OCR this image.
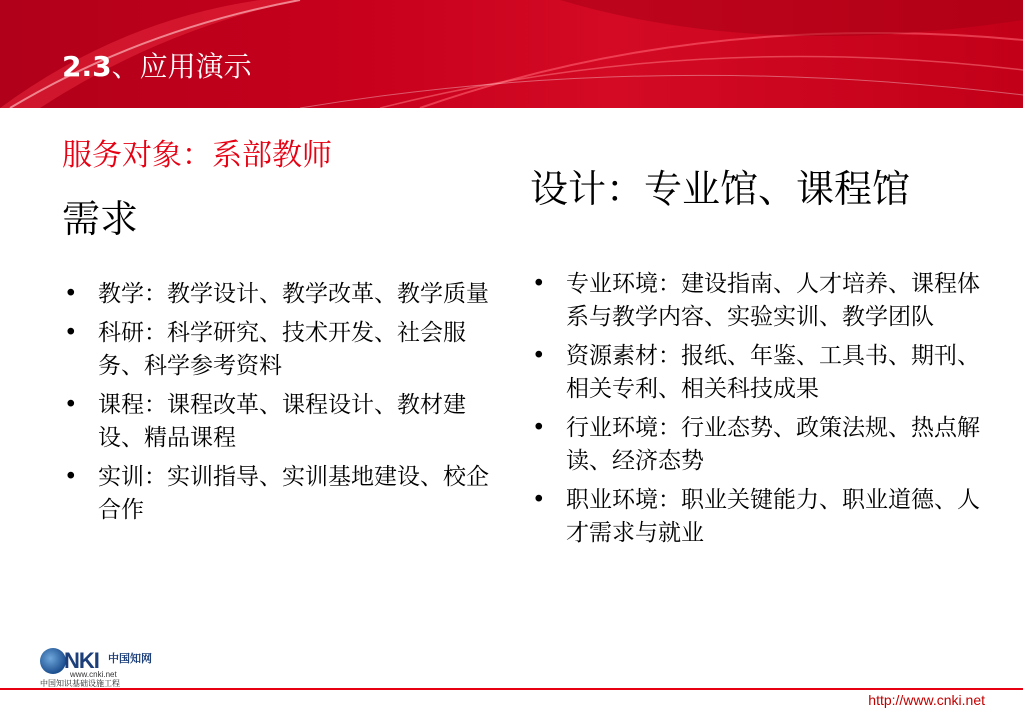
2.3、应用演示
服务对象：系部教师
需求
设计：专业馆、课程馆
• 教学：教学设计、教学改革、教学质量
• 科研：科学研究、技术开发、社会服务、科学参考资料
• 课程：课程改革、课程设计、教材建设、精品课程
• 实训：实训指导、实训基地建设、校企合作
• 专业环境：建设指南、人才培养、课程体系与教学内容、实验实训、教学团队
• 资源素材：报纸、年鉴、工具书、期刊、相关专利、相关科技成果
• 行业环境：行业态势、政策法规、热点解读、经济态势
• 职业环境：职业关键能力、职业道德、人才需求与就业
NKI 中国知网
www.cnki.net
中国知识基础设施工程
http://www.cnki.net
